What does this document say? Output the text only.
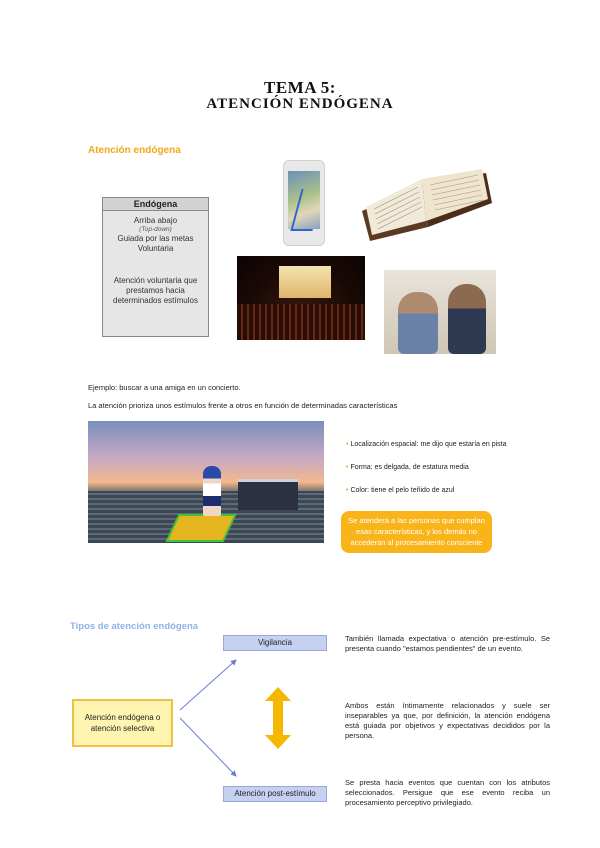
TEMA 5:
ATENCIÓN ENDÓGENA
Atención endógena
Endógena
Arriba abajo
(Top-down)
Guiada por las metas
Voluntaria
Atención voluntaria que prestamos hacia determinados estímulos
Ejemplo: buscar a una amiga en un concierto.
La atención prioriza unos estímulos frente a otros en función de determinadas características
• Localización espacial: me dijo que estaría en pista
• Forma: es delgada, de estatura media
• Color: tiene el pelo teñido de azul
Se atenderá a las personas que cumplan esas características, y los demás no accederán al procesamiento consciente
Tipos de atención endógena
Vigilancia
Atención post-estímulo
Atención endógena o atención selectiva
También llamada expectativa o atención pre-estímulo. Se presenta cuando "estamos pendientes" de un evento.
Ambos están íntimamente relacionados y suele ser inseparables ya que, por definición, la atención endógena está guiada por objetivos y expectativas decididos por la persona.
Se presta hacia eventos que cuentan con los atributos seleccionados. Persigue que ese evento reciba un procesamiento perceptivo privilegiado.
